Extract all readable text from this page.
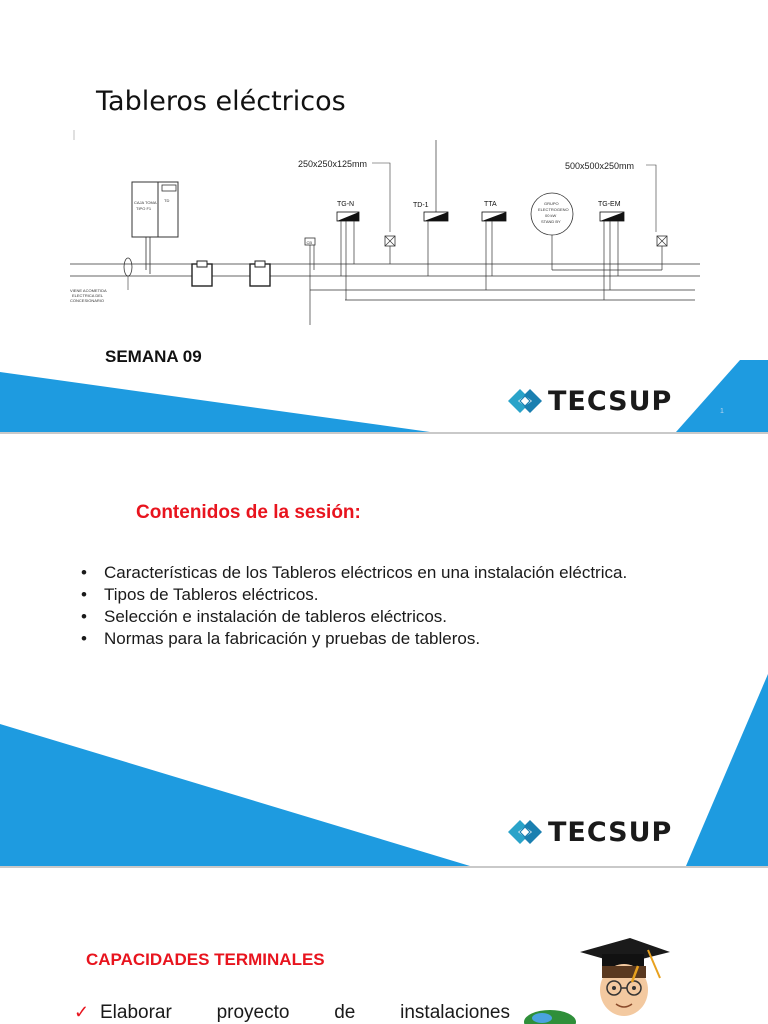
Tableros eléctricos
CAJA TOMA
TIPO F1
TD
VIENE ACOMETIDA
ELECTRICA DEL
CONCESIONARIO
CB
250x250x125mm	500x500x250mm
TG-N	TD-1	TTA	GRUPO
ELECTROGENO
00 kW
STAND BY
TG-EM
SEMANA 09
TECSUP	1
TECSUP
Contenidos de la sesión:
• Características de los Tableros eléctricos en una instalación eléctrica.
• Tipos de Tableros eléctricos.
• Selección e instalación de tableros eléctricos.
• Normas para la fabricación y pruebas de tableros.
CAPACIDADES TERMINALES
✓ Elaborar proyecto de instalaciones
